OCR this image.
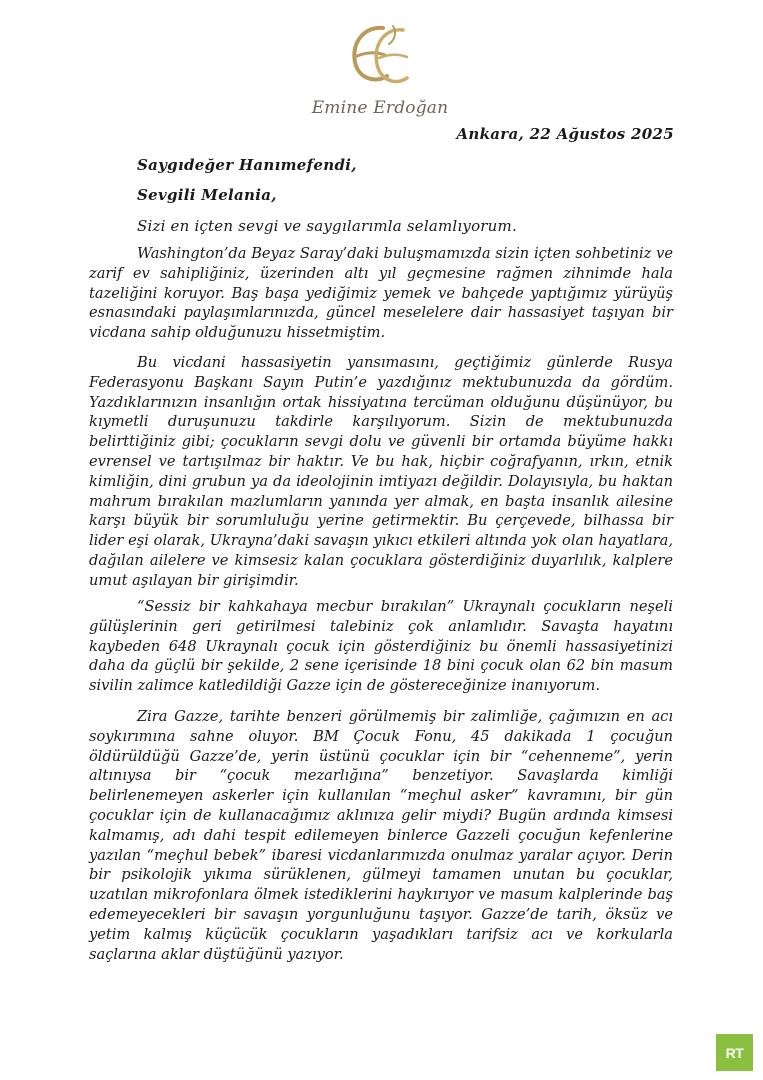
Emine Erdoğan
Ankara, 22 Ağustos 2025
Saygıdeğer Hanımefendi,
Sevgili Melania,
Sizi en içten sevgi ve saygılarımla selamlıyorum.

Washington’da Beyaz Saray’daki buluşmamızda sizin içten sohbetiniz ve zarif ev sahipliğiniz, üzerinden altı yıl geçmesine rağmen zihnimde hala tazeliğini koruyor. Baş başa yediğimiz yemek ve bahçede yaptığımız yürüyüş esnasındaki paylaşımlarınızda, güncel meselelere dair hassasiyet taşıyan bir vicdana sahip olduğunuzu hissetmiştim.

Bu vicdani hassasiyetin yansımasını, geçtiğimiz günlerde Rusya Federasyonu Başkanı Sayın Putin’e yazdığınız mektubunuzda da gördüm. Yazdıklarınızın insanlığın ortak hissiyatına tercüman olduğunu düşünüyor, bu kıymetli duruşunuzu takdirle karşılıyorum. Sizin de mektubunuzda belirttiğiniz gibi; çocukların sevgi dolu ve güvenli bir ortamda büyüme hakkı evrensel ve tartışılmaz bir haktır. Ve bu hak, hiçbir coğrafyanın, ırkın, etnik kimliğin, dini grubun ya da ideolojinin imtiyazı değildir. Dolayısıyla, bu haktan mahrum bırakılan mazlumların yanında yer almak, en başta insanlık ailesine karşı büyük bir sorumluluğu yerine getirmektir. Bu çerçevede, bilhassa bir lider eşi olarak, Ukrayna’daki savaşın yıkıcı etkileri altında yok olan hayatlara, dağılan ailelere ve kimsesiz kalan çocuklara gösterdiğiniz duyarlılık, kalplere umut aşılayan bir girişimdir.

“Sessiz bir kahkahaya mecbur bırakılan” Ukraynalı çocukların neşeli gülüşlerinin geri getirilmesi talebiniz çok anlamlıdır. Savaşta hayatını kaybeden 648 Ukraynalı çocuk için gösterdiğiniz bu önemli hassasiyetinizi daha da güçlü bir şekilde, 2 sene içerisinde 18 bini çocuk olan 62 bin masum sivilin zalimce katledildiği Gazze için de göstereceğinize inanıyorum.

Zira Gazze, tarihte benzeri görülmemiş bir zalimliğe, çağımızın en acı soykırımına sahne oluyor. BM Çocuk Fonu, 45 dakikada 1 çocuğun öldürüldüğü Gazze’de, yerin üstünü çocuklar için bir “cehenneme”, yerin altınıysa bir “çocuk mezarlığına” benzetiyor. Savaşlarda kimliği belirlenemeyen askerler için kullanılan “meçhul asker” kavramını, bir gün çocuklar için de kullanacağımız aklınıza gelir miydi? Bugün ardında kimsesi kalmamış, adı dahi tespit edilemeyen binlerce Gazzeli çocuğun kefenlerine yazılan “meçhul bebek” ibaresi vicdanlarımızda onulmaz yaralar açıyor. Derin bir psikolojik yıkıma sürüklenen, gülmeyi tamamen unutan bu çocuklar, uzatılan mikrofonlara ölmek istediklerini haykırıyor ve masum kalplerinde baş edemeyecekleri bir savaşın yorgunluğunu taşıyor. Gazze’de tarih, öksüz ve yetim kalmış küçücük çocukların yaşadıkları tarifsiz acı ve korkularla saçlarına aklar düştüğünü yazıyor.

RT
